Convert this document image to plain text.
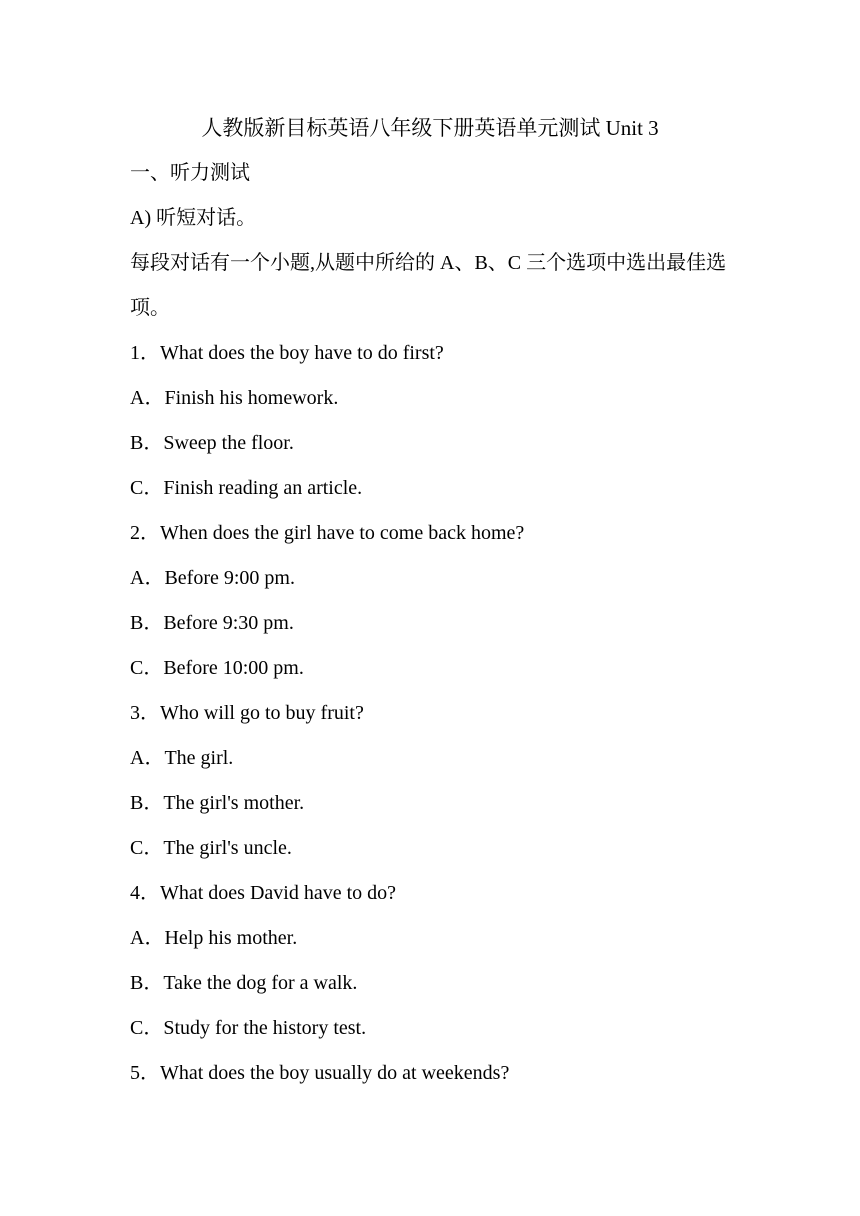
人教版新目标英语八年级下册英语单元测试 Unit 3
一、听力测试
A) 听短对话。
每段对话有一个小题,从题中所给的 A、B、C 三个选项中选出最佳选项。
1．What does the boy have to do first?
A．Finish his homework.
B．Sweep the floor.
C．Finish reading an article.
2．When does the girl have to come back home?
A．Before 9:00 pm.
B．Before 9:30 pm.
C．Before 10:00 pm.
3．Who will go to buy fruit?
A．The girl.
B．The girl's mother.
C．The girl's uncle.
4．What does David have to do?
A．Help his mother.
B．Take the dog for a walk.
C．Study for the history test.
5．What does the boy usually do at weekends?
